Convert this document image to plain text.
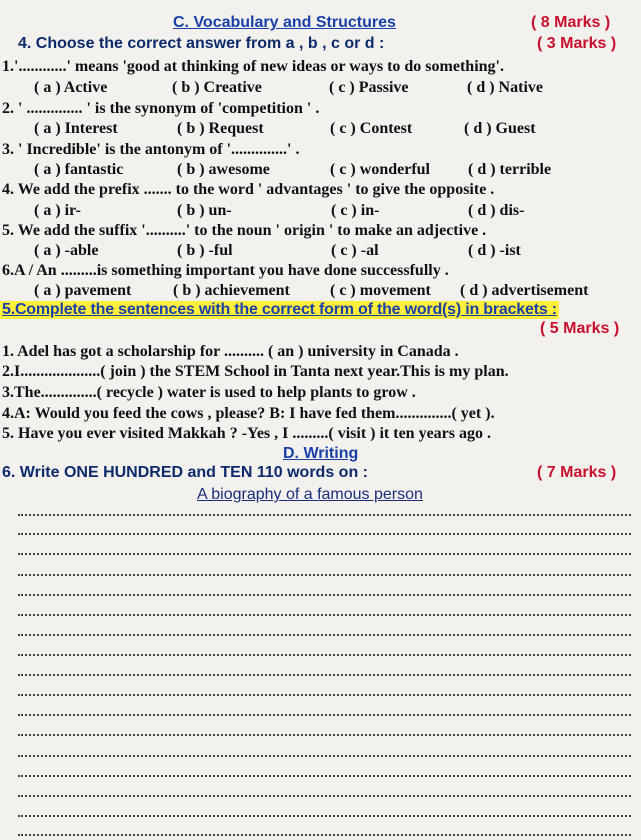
C. Vocabulary and Structures	( 8 Marks )
4. Choose the correct answer from a , b , c or d :	( 3 Marks )
1.'............' means 'good at thinking of new ideas or ways to do something'.
( a ) Active	( b ) Creative	( c ) Passive	( d ) Native
2. ' .............. ' is the synonym of 'competition ' .
( a ) Interest	( b ) Request	( c ) Contest	( d ) Guest
3. ' Incredible' is the antonym of '..............' .
( a ) fantastic	( b ) awesome	( c ) wonderful ( d ) terrible
4. We add the prefix ....... to the word ' advantages ' to give the opposite .
( a ) ir-	( b ) un-	( c ) in-	( d ) dis-
5. We add the suffix '..........' to the noun ' origin ' to make an adjective .
( a ) -able	( b ) -ful	( c ) -al	( d ) -ist
6.A / An .........is something important you have done successfully .
( a ) pavement	( b ) achievement	( c ) movement ( d ) advertisement
5.Complete the sentences with the correct form of the word(s) in brackets :
( 5 Marks )
1. Adel has got a scholarship for .......... ( an ) university in Canada .
2.I....................( join ) the STEM School in Tanta next year.This is my plan.
3.The..............( recycle ) water is used to help plants to grow .
4.A: Would you feed the cows , please? B: I have fed them..............( yet ).
5. Have you ever visited Makkah ? -Yes , I .........( visit ) it ten years ago .
D. Writing
6. Write ONE HUNDRED and TEN 110 words on :	( 7 Marks )
A biography of a famous person
